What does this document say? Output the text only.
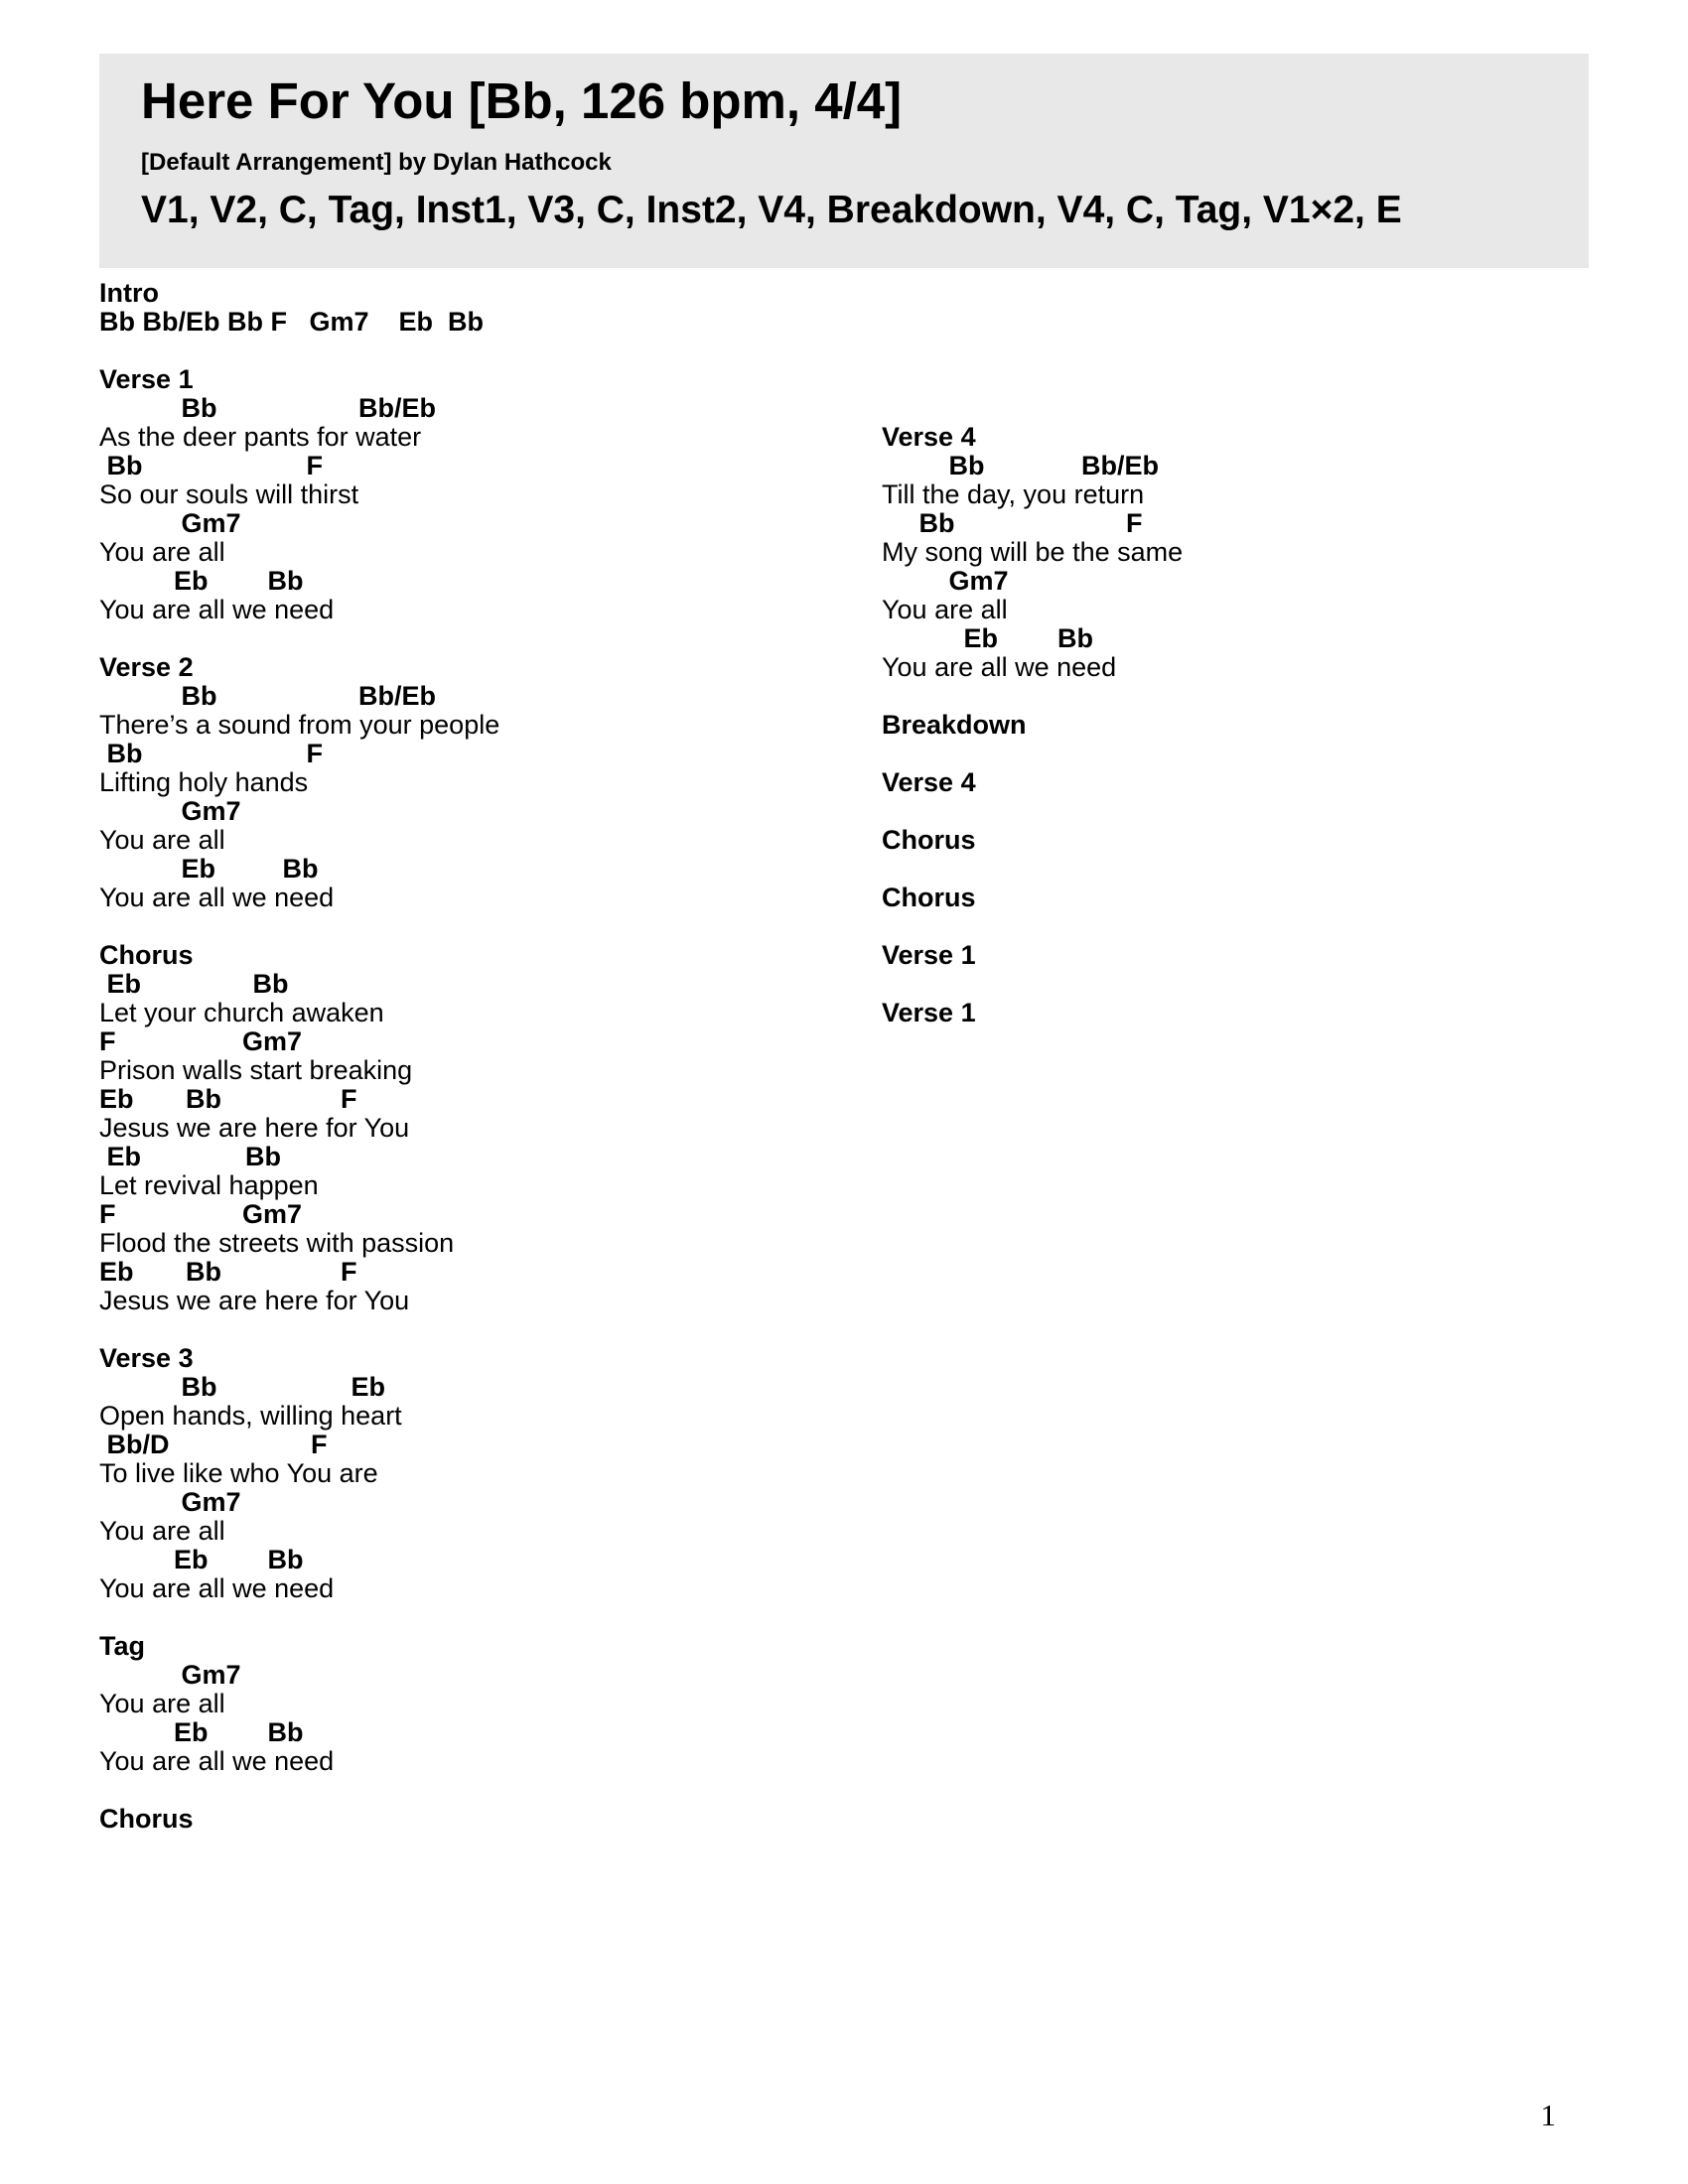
Here For You [Bb, 126 bpm, 4/4]
[Default Arrangement] by Dylan Hathcock
V1, V2, C, Tag, Inst1, V3, C, Inst2, V4, Breakdown, V4, C, Tag, V1×2, E
Intro
Bb Bb/Eb Bb F   Gm7    Eb  Bb
Verse 1
Bb                   Bb/Eb
As the deer pants for water
Bb                      F
So our souls will thirst
Gm7
You are all
Eb        Bb
You are all we need
Verse 2
Bb                   Bb/Eb
There’s a sound from your people
Bb                      F
Lifting holy hands
Gm7
You are all
Eb         Bb
You are all we need
Chorus
Eb               Bb
Let your church awaken
F                 Gm7
Prison walls start breaking
Eb       Bb                F
Jesus we are here for You
Eb              Bb
Let revival happen
F                 Gm7
Flood the streets with passion
Eb       Bb                F
Jesus we are here for You
Verse 3
Bb                  Eb
Open hands, willing heart
Bb/D                   F
To live like who You are
Gm7
You are all
Eb        Bb
You are all we need
Tag
Gm7
You are all
Eb        Bb
You are all we need
Chorus
Verse 4
Bb             Bb/Eb
Till the day, you return
Bb                       F
My song will be the same
Gm7
You are all
Eb        Bb
You are all we need
Breakdown
Verse 4
Chorus
Chorus
Verse 1
Verse 1
1
